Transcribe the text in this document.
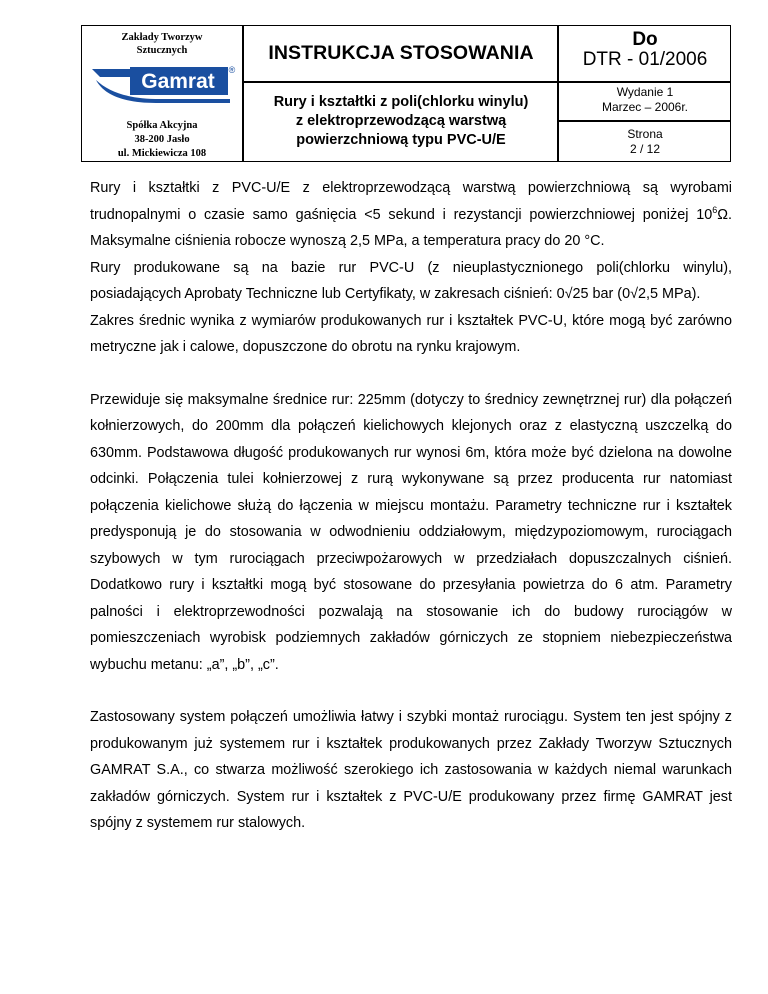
Zakłady Tworzyw
Sztucznych
Gamrat ®
Spółka Akcyjna
38-200 Jasło
ul. Mickiewicza 108
INSTRUKCJA STOSOWANIA
Rury i kształtki z poli(chlorku winylu)
z elektroprzewodzącą warstwą
powierzchniową typu PVC-U/E
Do
DTR - 01/2006
Wydanie 1
Marzec – 2006r.
Strona
2 / 12

Rury i kształtki z PVC-U/E z elektroprzewodzącą warstwą powierzchniową są wyrobami trudnopalnymi o czasie samo gaśnięcia <5 sekund i rezystancji powierzchniowej poniżej $10^6\Omega$. Maksymalne ciśnienia robocze wynoszą 2,5 MPa, a temperatura pracy do 20 °C.

Rury produkowane są na bazie rur PVC-U (z nieuplastycznionego poli(chlorku winylu), posiadających Aprobaty Techniczne lub Certyfikaty, w zakresach ciśnień: 0√25 bar (0√2,5 MPa).

Zakres średnic wynika z wymiarów produkowanych rur i kształtek PVC-U, które mogą być zarówno metryczne jak i calowe, dopuszczone do obrotu na rynku krajowym.

Przewiduje się maksymalne średnice rur: 225mm (dotyczy to średnicy zewnętrznej rur) dla połączeń kołnierzowych, do 200mm dla połączeń kielichowych klejonych oraz z elastyczną uszczelką do 630mm. Podstawowa długość produkowanych rur wynosi 6m, która może być dzielona na dowolne odcinki. Połączenia tulei kołnierzowej z rurą wykonywane są przez producenta rur natomiast połączenia kielichowe służą do łączenia w miejscu montażu. Parametry techniczne rur i kształtek predysponują je do stosowania w odwodnieniu oddziałowym, międzypoziomowym, rurociągach szybowych w tym rurociągach przeciwpożarowych w przedziałach dopuszczalnych ciśnień. Dodatkowo rury i kształtki mogą być stosowane do przesyłania powietrza do 6 atm. Parametry palności i elektroprzewodności pozwalają na stosowanie ich do budowy rurociągów w pomieszczeniach wyrobisk podziemnych zakładów górniczych ze stopniem niebezpieczeństwa wybuchu metanu: „a”, „b”, „c”.

Zastosowany system połączeń umożliwia łatwy i szybki montaż rurociągu. System ten jest spójny z produkowanym już systemem rur i kształtek produkowanych przez Zakłady Tworzyw Sztucznych GAMRAT S.A., co stwarza możliwość szerokiego ich zastosowania w każdych niemal warunkach zakładów górniczych. System rur i kształtek z PVC-U/E produkowany przez firmę GAMRAT jest spójny z systemem rur stalowych.
